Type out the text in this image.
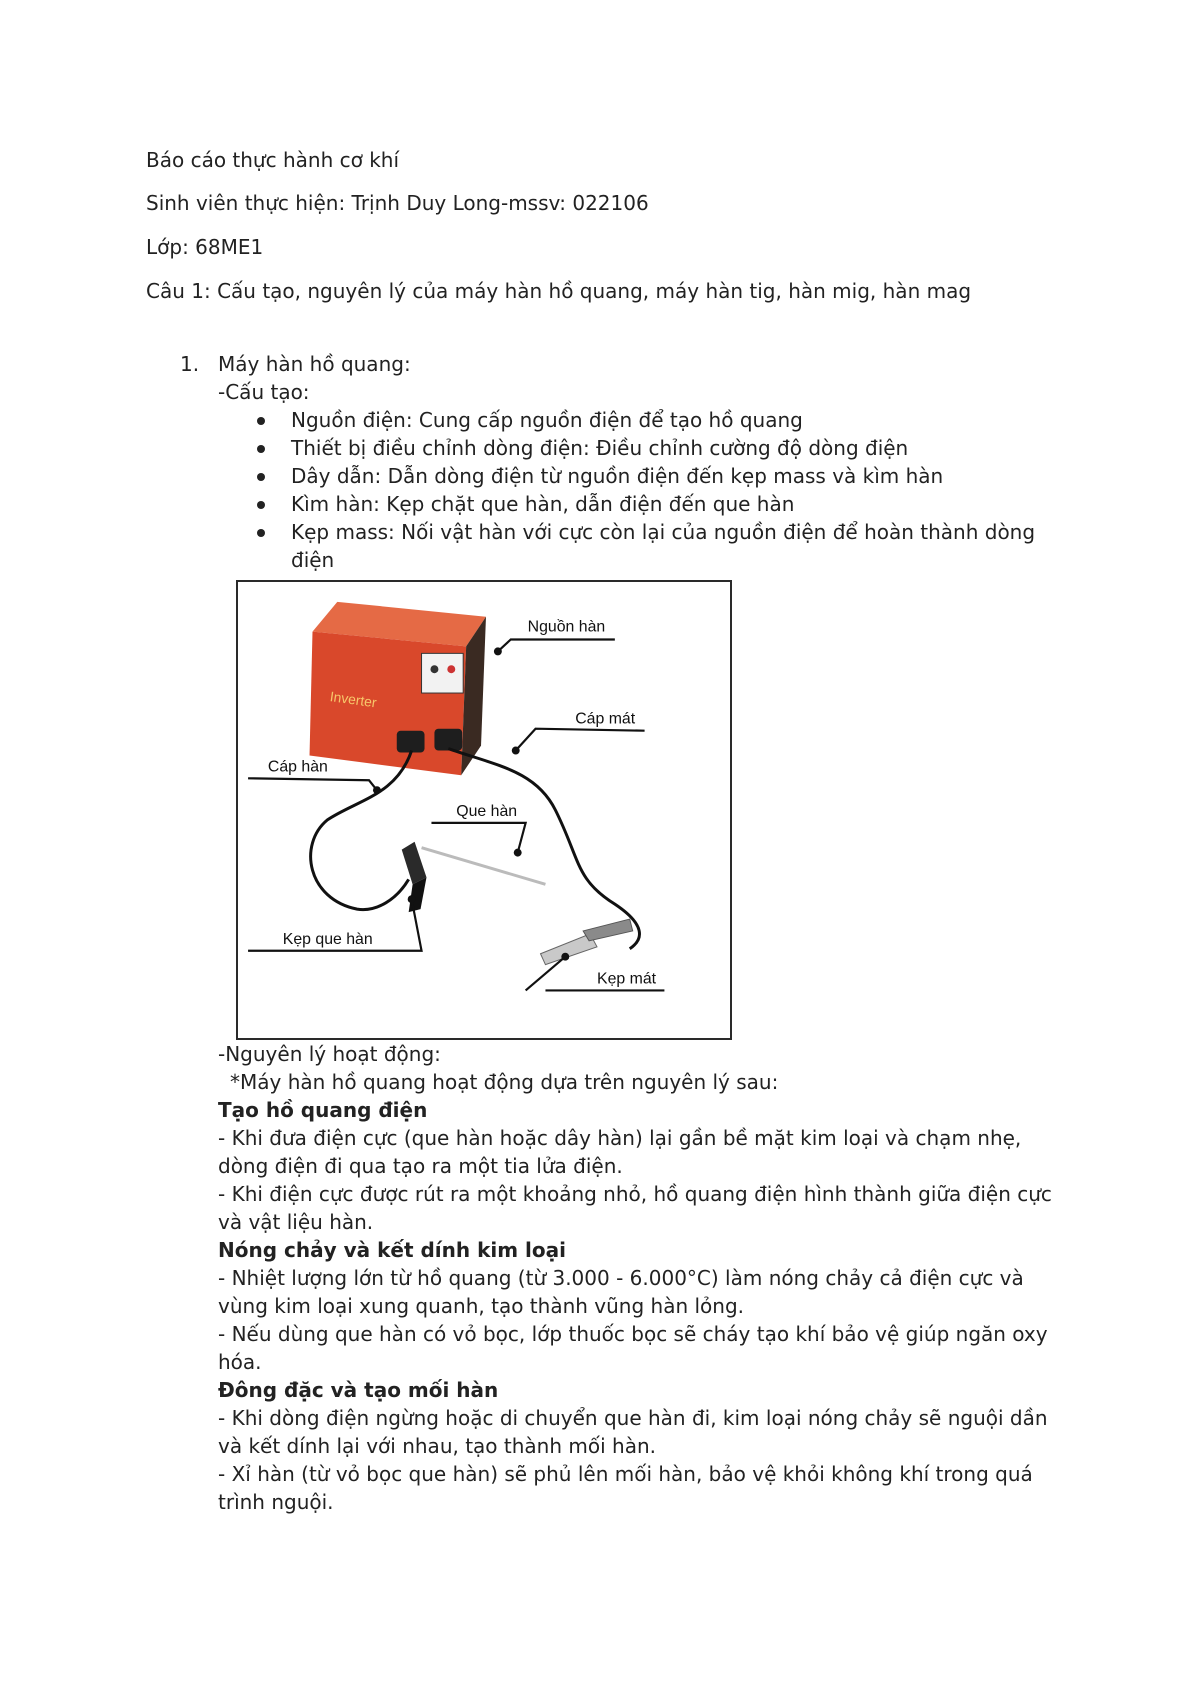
Báo cáo thực hành cơ khí

Sinh viên thực hiện: Trịnh Duy Long-mssv: 022106

Lớp: 68ME1

Câu 1: Cấu tạo, nguyên lý của máy hàn hồ quang, máy hàn tig, hàn mig, hàn mag

1. Máy hàn hồ quang:

-Cấu tạo:

Nguồn điện: Cung cấp nguồn điện để tạo hồ quang
Thiết bị điều chỉnh dòng điện: Điều chỉnh cường độ dòng điện
Dây dẫn: Dẫn dòng điện từ nguồn điện đến kẹp mass và kìm hàn
Kìm hàn: Kẹp chặt que hàn, dẫn điện đến que hàn
Kẹp mass: Nối vật hàn với cực còn lại của nguồn điện để hoàn thành dòng điện
Inverter
Nguồn hàn
Cáp mát
Cáp hàn
Que hàn
Kẹp que hàn
Kẹp mát

-Nguyên lý hoạt động:

*Máy hàn hồ quang hoạt động dựa trên nguyên lý sau:

Tạo hồ quang điện

- Khi đưa điện cực (que hàn hoặc dây hàn) lại gần bề mặt kim loại và chạm nhẹ, dòng điện đi qua tạo ra một tia lửa điện.

- Khi điện cực được rút ra một khoảng nhỏ, hồ quang điện hình thành giữa điện cực và vật liệu hàn.

Nóng chảy và kết dính kim loại

- Nhiệt lượng lớn từ hồ quang (từ 3.000 - 6.000°C) làm nóng chảy cả điện cực và vùng kim loại xung quanh, tạo thành vũng hàn lỏng.

- Nếu dùng que hàn có vỏ bọc, lớp thuốc bọc sẽ cháy tạo khí bảo vệ giúp ngăn oxy hóa.

Đông đặc và tạo mối hàn

- Khi dòng điện ngừng hoặc di chuyển que hàn đi, kim loại nóng chảy sẽ nguội dần và kết dính lại với nhau, tạo thành mối hàn.

- Xỉ hàn (từ vỏ bọc que hàn) sẽ phủ lên mối hàn, bảo vệ khỏi không khí trong quá trình nguội.
